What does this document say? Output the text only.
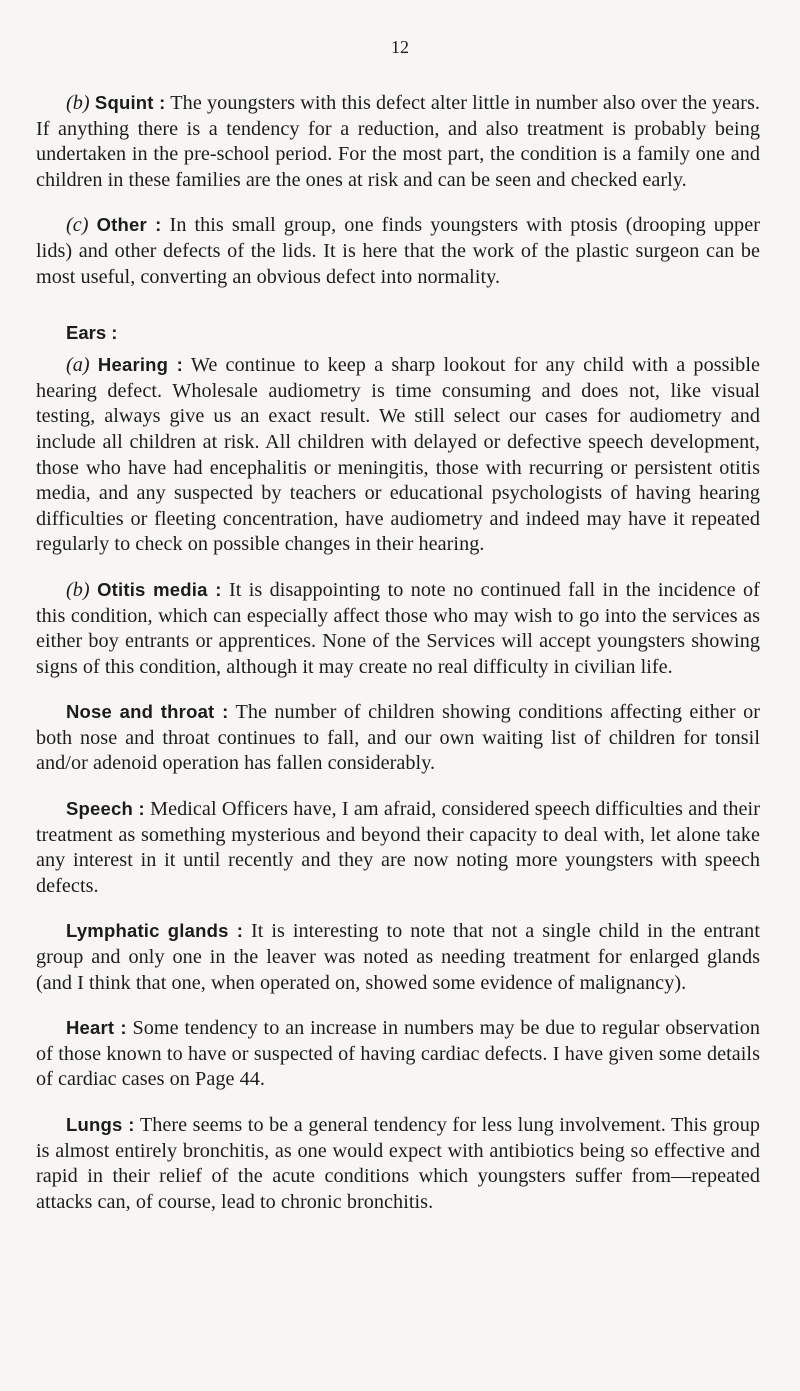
12

(b) Squint : The youngsters with this defect alter little in number also over the years. If anything there is a tendency for a reduction, and also treatment is probably being undertaken in the pre-school period. For the most part, the condition is a family one and children in these families are the ones at risk and can be seen and checked early.

(c) Other : In this small group, one finds youngsters with ptosis (drooping upper lids) and other defects of the lids. It is here that the work of the plastic surgeon can be most useful, converting an obvious defect into normality.

Ears :

(a) Hearing : We continue to keep a sharp lookout for any child with a possible hearing defect. Wholesale audiometry is time consuming and does not, like visual testing, always give us an exact result. We still select our cases for audiometry and include all children at risk. All children with delayed or defective speech development, those who have had encephalitis or meningitis, those with recurring or persistent otitis media, and any suspected by teachers or educational psychologists of having hearing difficulties or fleeting concentration, have audiometry and indeed may have it repeated regularly to check on possible changes in their hearing.

(b) Otitis media : It is disappointing to note no continued fall in the incidence of this condition, which can especially affect those who may wish to go into the services as either boy entrants or apprentices. None of the Services will accept youngsters showing signs of this condition, although it may create no real difficulty in civilian life.

Nose and throat : The number of children showing conditions affecting either or both nose and throat continues to fall, and our own waiting list of children for tonsil and/or adenoid operation has fallen considerably.

Speech : Medical Officers have, I am afraid, considered speech difficulties and their treatment as something mysterious and beyond their capacity to deal with, let alone take any interest in it until recently and they are now noting more youngsters with speech defects.

Lymphatic glands : It is interesting to note that not a single child in the entrant group and only one in the leaver was noted as needing treatment for enlarged glands (and I think that one, when operated on, showed some evidence of malignancy).

Heart : Some tendency to an increase in numbers may be due to regular observation of those known to have or suspected of having cardiac defects. I have given some details of cardiac cases on Page 44.

Lungs : There seems to be a general tendency for less lung involvement. This group is almost entirely bronchitis, as one would expect with antibiotics being so effective and rapid in their relief of the acute conditions which youngsters suffer from—repeated attacks can, of course, lead to chronic bronchitis.
